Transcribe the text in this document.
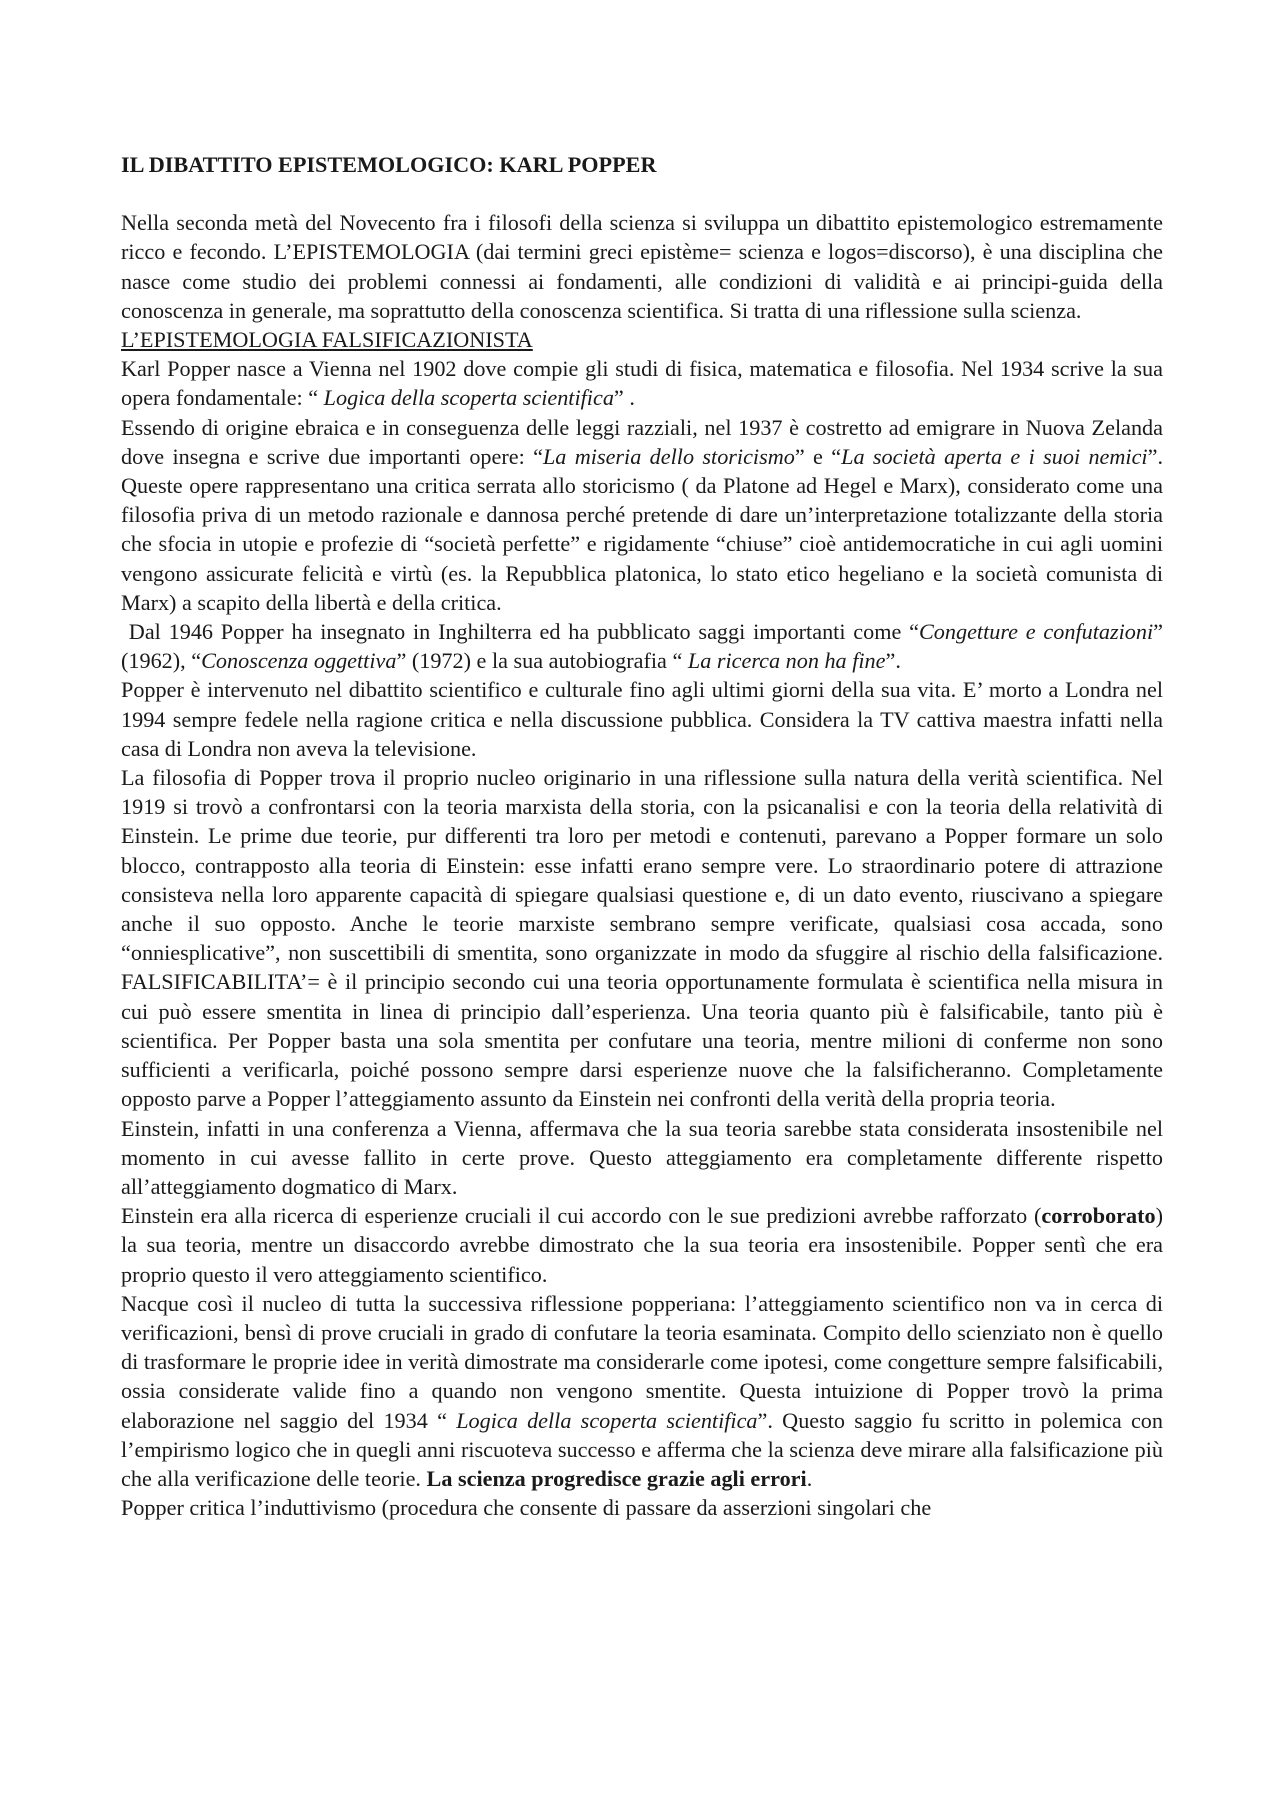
IL DIBATTITO EPISTEMOLOGICO: KARL POPPER

Nella seconda metà del Novecento fra i filosofi della scienza si sviluppa un dibattito epistemologico estremamente ricco e fecondo. L’EPISTEMOLOGIA (dai termini greci epistème= scienza e logos=discorso), è una disciplina che nasce come studio dei problemi connessi ai fondamenti, alle condizioni di validità e ai principi-guida della conoscenza in generale, ma soprattutto della conoscenza scientifica. Si tratta di una riflessione sulla scienza.

L’EPISTEMOLOGIA FALSIFICAZIONISTA

Karl Popper nasce a Vienna nel 1902 dove compie gli studi di fisica, matematica e filosofia. Nel 1934 scrive la sua opera fondamentale: “ Logica della scoperta scientifica” .

Essendo di origine ebraica e in conseguenza delle leggi razziali, nel 1937 è costretto ad emigrare in Nuova Zelanda dove insegna e scrive due importanti opere: “La miseria dello storicismo” e “La società aperta e i suoi nemici”. Queste opere rappresentano una critica serrata allo storicismo ( da Platone ad Hegel e Marx), considerato come una filosofia priva di un metodo razionale e dannosa perché pretende di dare un’interpretazione totalizzante della storia che sfocia in utopie e profezie di “società perfette” e rigidamente “chiuse” cioè antidemocratiche in cui agli uomini vengono assicurate felicità e virtù (es. la Repubblica platonica, lo stato etico hegeliano e la società comunista di Marx) a scapito della libertà e della critica.

Dal 1946 Popper ha insegnato in Inghilterra ed ha pubblicato saggi importanti come “Congetture e confutazioni” (1962), “Conoscenza oggettiva” (1972) e la sua autobiografia “ La ricerca non ha fine”.

Popper è intervenuto nel dibattito scientifico e culturale fino agli ultimi giorni della sua vita. E’ morto a Londra nel 1994 sempre fedele nella ragione critica e nella discussione pubblica. Considera la TV cattiva maestra infatti nella casa di Londra non aveva la televisione.

La filosofia di Popper trova il proprio nucleo originario in una riflessione sulla natura della verità scientifica. Nel 1919 si trovò a confrontarsi con la teoria marxista della storia, con la psicanalisi e con la teoria della relatività di Einstein. Le prime due teorie, pur differenti tra loro per metodi e contenuti, parevano a Popper formare un solo blocco, contrapposto alla teoria di Einstein: esse infatti erano sempre vere. Lo straordinario potere di attrazione consisteva nella loro apparente capacità di spiegare qualsiasi questione e, di un dato evento, riuscivano a spiegare anche il suo opposto. Anche le teorie marxiste sembrano sempre verificate, qualsiasi cosa accada, sono “onniesplicative”, non suscettibili di smentita, sono organizzate in modo da sfuggire al rischio della falsificazione. FALSIFICABILITA’= è il principio secondo cui una teoria opportunamente formulata è scientifica nella misura in cui può essere smentita in linea di principio dall’esperienza. Una teoria quanto più è falsificabile, tanto più è scientifica. Per Popper basta una sola smentita per confutare una teoria, mentre milioni di conferme non sono sufficienti a verificarla, poiché possono sempre darsi esperienze nuove che la falsificheranno. Completamente opposto parve a Popper l’atteggiamento assunto da Einstein nei confronti della verità della propria teoria.

Einstein, infatti in una conferenza a Vienna, affermava che la sua teoria sarebbe stata considerata insostenibile nel momento in cui avesse fallito in certe prove. Questo atteggiamento era completamente differente rispetto all’atteggiamento dogmatico di Marx.

Einstein era alla ricerca di esperienze cruciali il cui accordo con le sue predizioni avrebbe rafforzato (corroborato) la sua teoria, mentre un disaccordo avrebbe dimostrato che la sua teoria era insostenibile. Popper sentì che era proprio questo il vero atteggiamento scientifico.

Nacque così il nucleo di tutta la successiva riflessione popperiana: l’atteggiamento scientifico non va in cerca di verificazioni, bensì di prove cruciali in grado di confutare la teoria esaminata. Compito dello scienziato non è quello di trasformare le proprie idee in verità dimostrate ma considerarle come ipotesi, come congetture sempre falsificabili, ossia considerate valide fino a quando non vengono smentite. Questa intuizione di Popper trovò la prima elaborazione nel saggio del 1934 “ Logica della scoperta scientifica”. Questo saggio fu scritto in polemica con l’empirismo logico che in quegli anni riscuoteva successo e afferma che la scienza deve mirare alla falsificazione più che alla verificazione delle teorie. La scienza progredisce grazie agli errori.

Popper critica l’induttivismo (procedura che consente di passare da asserzioni singolari che
